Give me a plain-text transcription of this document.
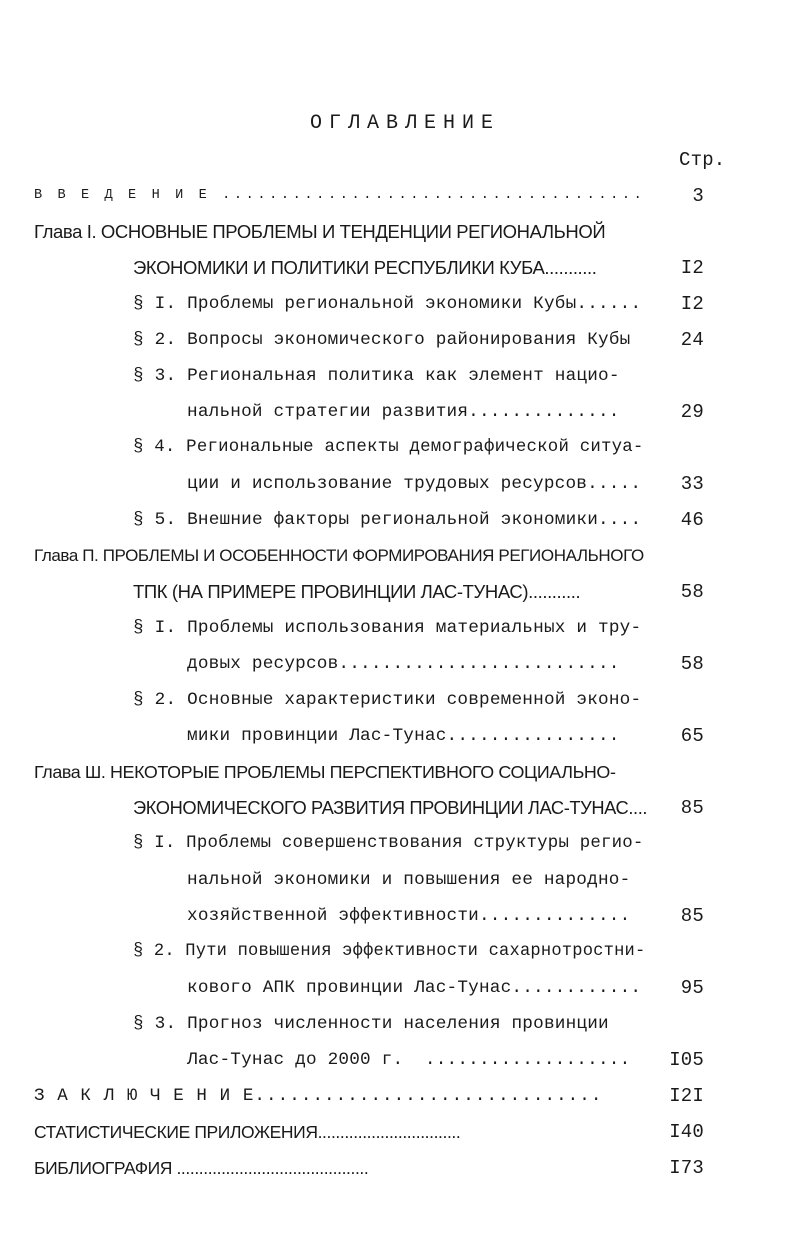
ОГЛАВЛЕНИЕ
Стр.
В В Е Д Е Н И Е ....................................	3
Глава I. ОСНОВНЫЕ ПРОБЛЕМЫ И ТЕНДЕНЦИИ РЕГИОНАЛЬНОЙ
ЭКОНОМИКИ И ПОЛИТИКИ РЕСПУБЛИКИ КУБА...........	I2
§ I. Проблемы региональной экономики Кубы......	I2
§ 2. Вопросы экономического районирования Кубы	24
§ 3. Региональная политика как элемент нацио-
нальной стратегии развития..............	29
§ 4. Региональные аспекты демографической ситуа-
ции и использование трудовых ресурсов.....	33
§ 5. Внешние факторы региональной экономики....	46
Глава П. ПРОБЛЕМЫ И ОСОБЕННОСТИ ФОРМИРОВАНИЯ РЕГИОНАЛЬНОГО
ТПК (НА ПРИМЕРЕ ПРОВИНЦИИ ЛАС-ТУНАС)...........	58
§ I. Проблемы использования материальных и тру-
довых ресурсов..........................	58
§ 2. Основные характеристики современной эконо-
мики провинции Лас-Тунас................	65
Глава Ш. НЕКОТОРЫЕ ПРОБЛЕМЫ ПЕРСПЕКТИВНОГО СОЦИАЛЬНО-
ЭКОНОМИЧЕСКОГО РАЗВИТИЯ ПРОВИНЦИИ ЛАС-ТУНАС....	85
§ I. Проблемы совершенствования структуры регио-
нальной экономики и повышения ее народно-
хозяйственной эффективности..............	85
§ 2. Пути повышения эффективности сахарнотростни-
кового АПК провинции Лас-Тунас............	95
§ 3. Прогноз численности населения провинции
Лас-Тунас до 2000 г.  ...................	I05
З А К Л Ю Ч Е Н И Е..............................	I2I
СТАТИСТИЧЕСКИЕ ПРИЛОЖЕНИЯ................................	I40
БИБЛИОГРАФИЯ ...........................................	I73
